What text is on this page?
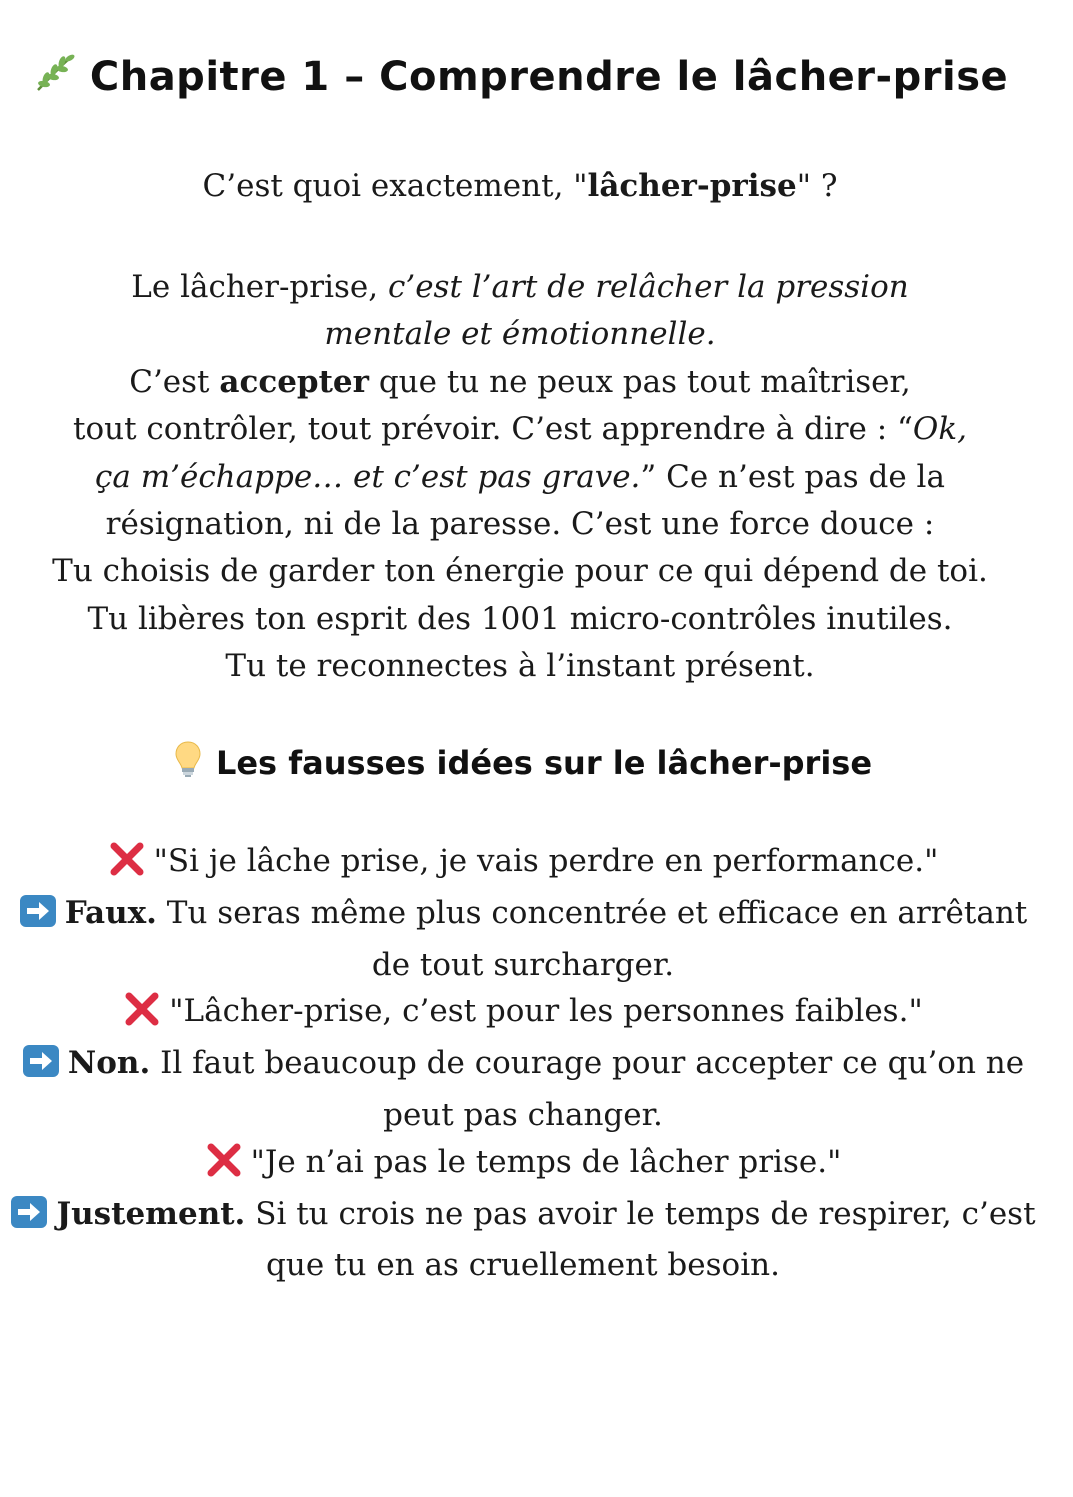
Chapitre 1 – Comprendre le lâcher-prise
C’est quoi exactement, "lâcher-prise" ?
Le lâcher-prise, c’est l’art de relâcher la pression
mentale et émotionnelle.
C’est accepter que tu ne peux pas tout maîtriser,
tout contrôler, tout prévoir. C’est apprendre à dire : “Ok,
ça m’échappe… et c’est pas grave.” Ce n’est pas de la
résignation, ni de la paresse. C’est une force douce :
Tu choisis de garder ton énergie pour ce qui dépend de toi.
Tu libères ton esprit des 1001 micro-contrôles inutiles.
Tu te reconnectes à l’instant présent.
Les fausses idées sur le lâcher-prise
"Si je lâche prise, je vais perdre en performance."
Faux. Tu seras même plus concentrée et efficace en arrêtant
de tout surcharger.
"Lâcher-prise, c’est pour les personnes faibles."
Non. Il faut beaucoup de courage pour accepter ce qu’on ne
peut pas changer.
"Je n’ai pas le temps de lâcher prise."
Justement. Si tu crois ne pas avoir le temps de respirer, c’est
que tu en as cruellement besoin.
